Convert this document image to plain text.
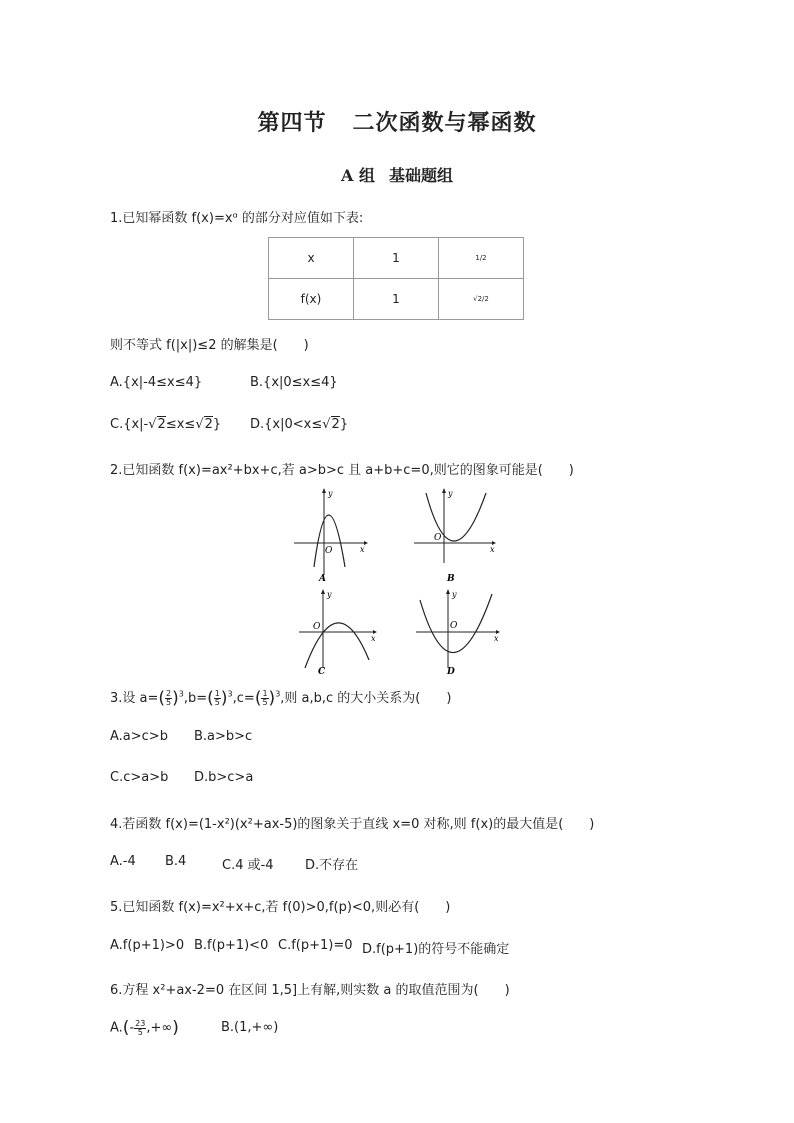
第四节 二次函数与幂函数
A 组 基础题组
1.已知幂函数 f(x)=xᵅ 的部分对应值如下表:
x	1	1/2
f(x)	1	√2/2
则不等式 f(|x|)≤2 的解集是(　　)
A.{x|-4≤x≤4}	B.{x|0≤x≤4}
C.{x|-√2≤x≤√2} D.{x|0<x≤√2}
2.已知函数 f(x)=ax²+bx+c,若 a>b>c 且 a+b+c=0,则它的图象可能是(　　)
y
x
O
A
y
x
O
B
y
x
O
C
y
x
O
D
3.设 $a=( \frac{2}{5} )^3,b=( \frac{1}{5} )^3,c=( \frac{1}{5} )^3$,则 a,b,c 的大小关系为(　　)
A.a>c>b B.a>b>c
C.c>a>b D.b>c>a
4.若函数 f(x)=(1-x²)(x²+ax-5)的图象关于直线 x=0 对称,则 f(x)的最大值是(　　)
A.-4 B.4	C.4 或-4 D.不存在
5.已知函数 f(x)=x²+x+c,若 f(0)>0,f(p)<0,则必有(　　)
A.f(p+1)>0 B.f(p+1)<0 C.f(p+1)=0 D.f(p+1)的符号不能确定
6.方程 x²+ax-2=0 在区间 1,5]上有解,则实数 a 的取值范围为(　　)
$A.(- \frac{23}{5}$ ,+∞)	B.(1,+∞)
